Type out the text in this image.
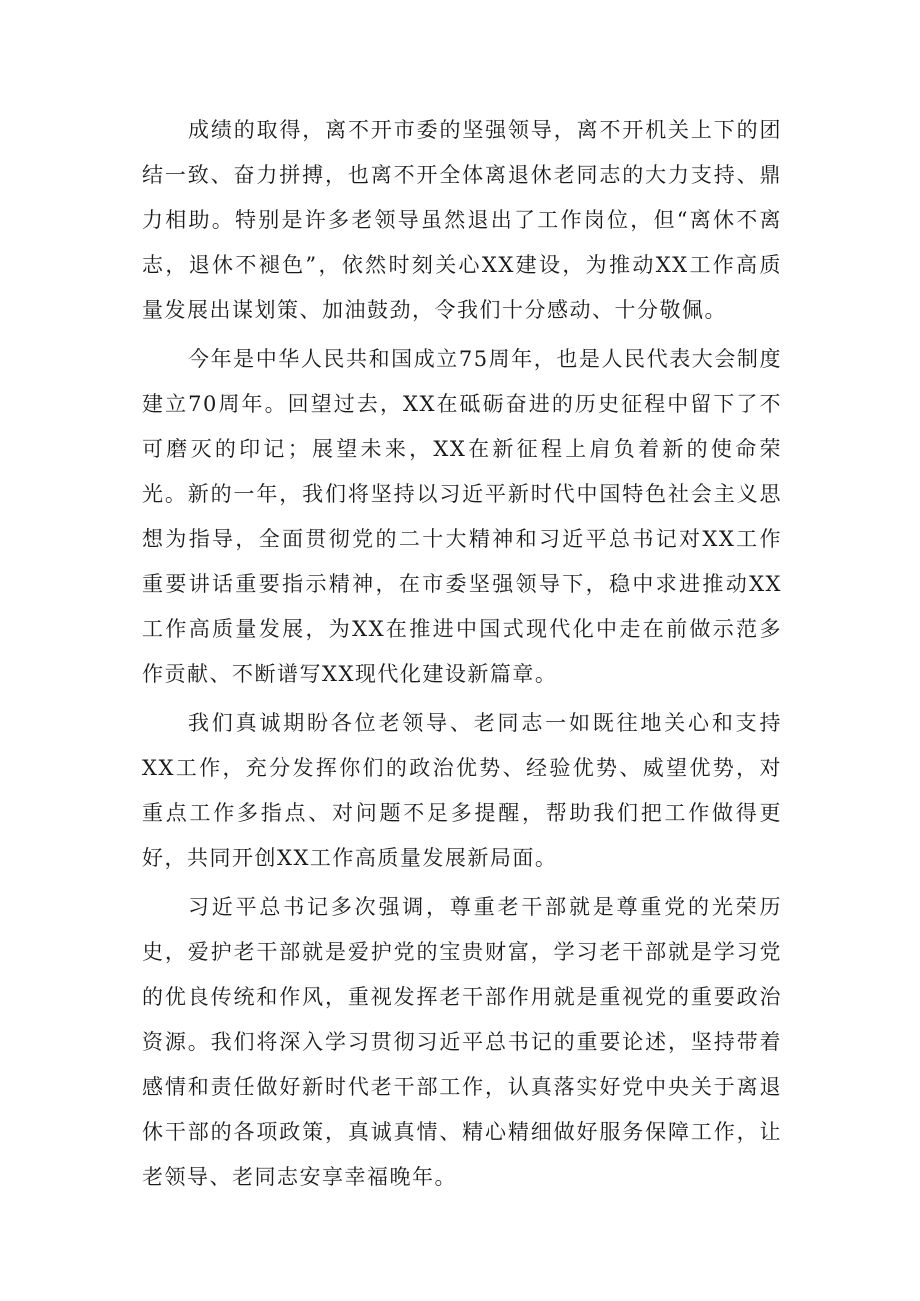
成绩的取得，离不开市委的坚强领导，离不开机关上下的团结一致、奋力拼搏，也离不开全体离退休老同志的大力支持、鼎力相助。特别是许多老领导虽然退出了工作岗位，但“离休不离志，退休不褪色”，依然时刻关心XX建设，为推动XX工作高质量发展出谋划策、加油鼓劲，令我们十分感动、十分敬佩。

今年是中华人民共和国成立75周年，也是人民代表大会制度建立70周年。回望过去，XX在砥砺奋进的历史征程中留下了不可磨灭的印记；展望未来，XX在新征程上肩负着新的使命荣光。新的一年，我们将坚持以习近平新时代中国特色社会主义思想为指导，全面贯彻党的二十大精神和习近平总书记对XX工作重要讲话重要指示精神，在市委坚强领导下，稳中求进推动XX工作高质量发展，为XX在推进中国式现代化中走在前做示范多作贡献、不断谱写XX现代化建设新篇章。

我们真诚期盼各位老领导、老同志一如既往地关心和支持XX工作，充分发挥你们的政治优势、经验优势、威望优势，对重点工作多指点、对问题不足多提醒，帮助我们把工作做得更好，共同开创XX工作高质量发展新局面。

习近平总书记多次强调，尊重老干部就是尊重党的光荣历史，爱护老干部就是爱护党的宝贵财富，学习老干部就是学习党的优良传统和作风，重视发挥老干部作用就是重视党的重要政治资源。我们将深入学习贯彻习近平总书记的重要论述，坚持带着感情和责任做好新时代老干部工作，认真落实好党中央关于离退休干部的各项政策，真诚真情、精心精细做好服务保障工作，让老领导、老同志安享幸福晚年。
